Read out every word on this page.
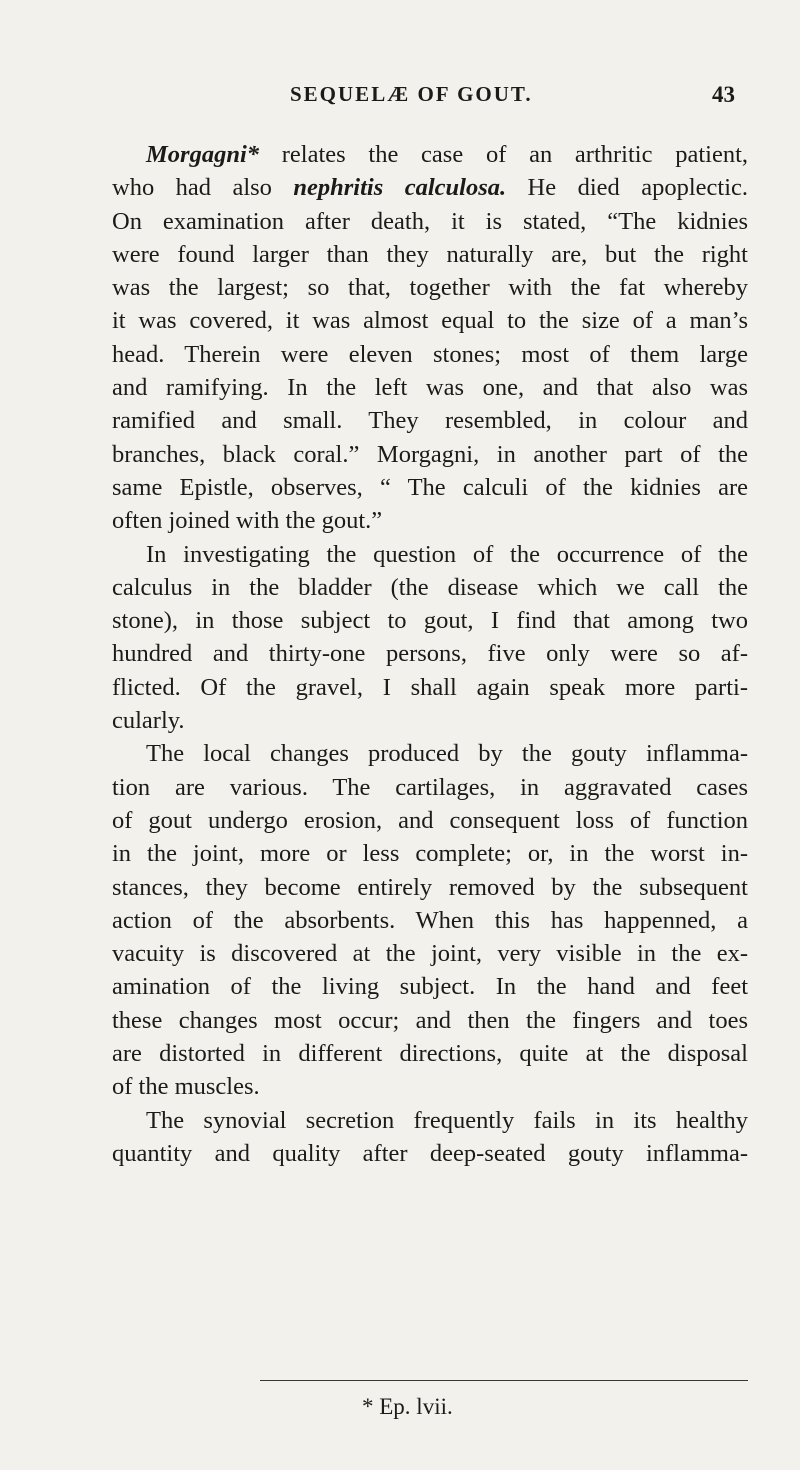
SEQUELÆ OF GOUT.	43
Morgagni* relates the case of an arthritic patient,
who had also nephritis calculosa. He died apoplectic.
On examination after death, it is stated, “The kidnies
were found larger than they naturally are, but the right
was the largest; so that, together with the fat whereby
it was covered, it was almost equal to the size of a man’s
head. Therein were eleven stones; most of them large
and ramifying. In the left was one, and that also was
ramified and small. They resembled, in colour and
branches, black coral.” Morgagni, in another part of the
same Epistle, observes, “ The calculi of the kidnies are
often joined with the gout.”
In investigating the question of the occurrence of the
calculus in the bladder (the disease which we call the
stone), in those subject to gout, I find that among two
hundred and thirty-one persons, five only were so af-
flicted. Of the gravel, I shall again speak more parti-
cularly.
The local changes produced by the gouty inflamma-
tion are various. The cartilages, in aggravated cases
of gout undergo erosion, and consequent loss of function
in the joint, more or less complete; or, in the worst in-
stances, they become entirely removed by the subsequent
action of the absorbents. When this has happenned, a
vacuity is discovered at the joint, very visible in the ex-
amination of the living subject. In the hand and feet
these changes most occur; and then the fingers and toes
are distorted in different directions, quite at the disposal
of the muscles.
The synovial secretion frequently fails in its healthy
quantity and quality after deep-seated gouty inflamma-
* Ep. lvii.
